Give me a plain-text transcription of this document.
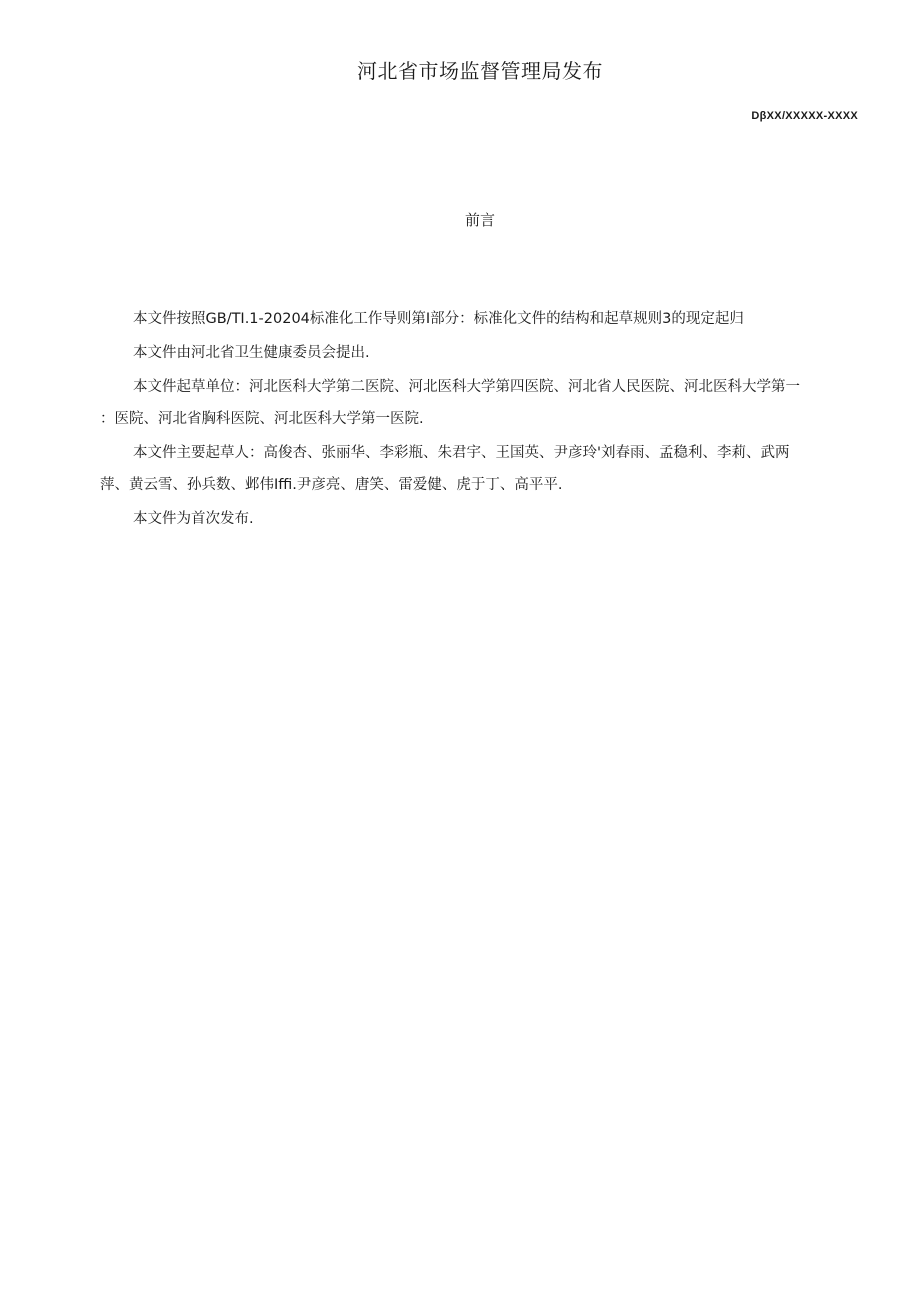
河北省市场监督管理局发布
DβXX/XXXXX-XXXX
前言

本文件按照GB/TI.1-20204标准化工作导则第I部分：标准化文件的结构和起草规则3的现定起归

本文件由河北省卫生健康委员会提出.

本文件起草单位：河北医科大学第二医院、河北医科大学第四医院、河北省人民医院、河北医科大学第一

：医院、河北省胸科医院、河北医科大学第一医院.

本文件主要起草人：高俊杏、张丽华、李彩瓶、朱君宇、王国英、尹彦玲'刘春雨、孟稳利、李莉、武两

萍、黄云雪、孙兵数、邺伟Iffi.尹彦亮、唐笑、雷爱健、虎于丁、高平平.

本文件为首次发布.
